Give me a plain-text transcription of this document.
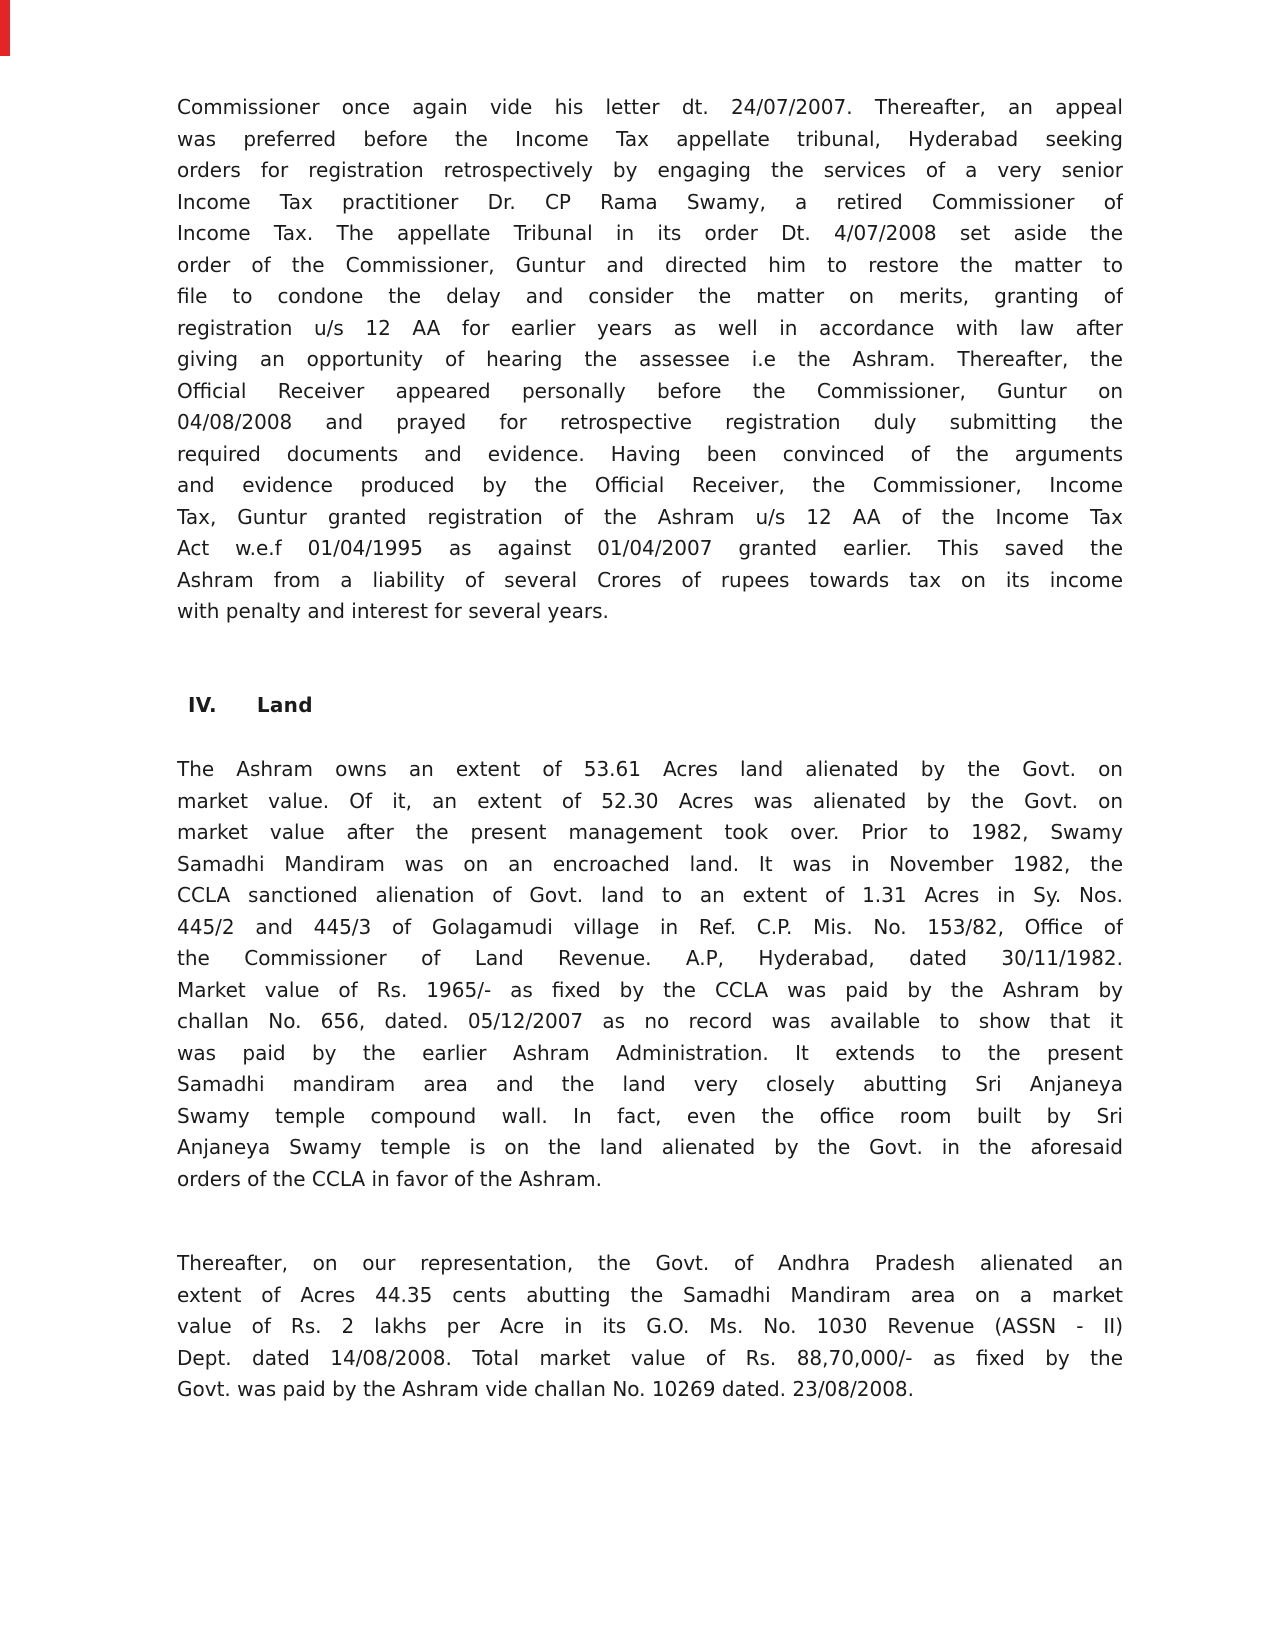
Commissioner once again vide his letter dt. 24/07/2007. Thereafter, an appeal
was preferred before the Income Tax appellate tribunal, Hyderabad seeking
orders for registration retrospectively by engaging the services of a very senior
Income Tax practitioner Dr. CP Rama Swamy, a retired Commissioner of
Income Tax. The appellate Tribunal in its order Dt. 4/07/2008 set aside the
order of the Commissioner, Guntur and directed him to restore the matter to
file to condone the delay and consider the matter on merits, granting of
registration u/s 12 AA for earlier years as well in accordance with law after
giving an opportunity of hearing the assessee i.e the Ashram. Thereafter, the
Official Receiver appeared personally before the Commissioner, Guntur on
04/08/2008 and prayed for retrospective registration duly submitting the
required documents and evidence. Having been convinced of the arguments
and evidence produced by the Official Receiver, the Commissioner, Income
Tax, Guntur granted registration of the Ashram u/s 12 AA of the Income Tax
Act w.e.f 01/04/1995 as against 01/04/2007 granted earlier. This saved the
Ashram from a liability of several Crores of rupees towards tax on its income
with penalty and interest for several years.
IV. Land
The Ashram owns an extent of 53.61 Acres land alienated by the Govt. on
market value. Of it, an extent of 52.30 Acres was alienated by the Govt. on
market value after the present management took over. Prior to 1982, Swamy
Samadhi Mandiram was on an encroached land. It was in November 1982, the
CCLA sanctioned alienation of Govt. land to an extent of 1.31 Acres in Sy. Nos.
445/2 and 445/3 of Golagamudi village in Ref. C.P. Mis. No. 153/82, Office of
the Commissioner of Land Revenue. A.P, Hyderabad, dated 30/11/1982.
Market value of Rs. 1965/- as fixed by the CCLA was paid by the Ashram by
challan No. 656, dated. 05/12/2007 as no record was available to show that it
was paid by the earlier Ashram Administration. It extends to the present
Samadhi mandiram area and the land very closely abutting Sri Anjaneya
Swamy temple compound wall. In fact, even the office room built by Sri
Anjaneya Swamy temple is on the land alienated by the Govt. in the aforesaid
orders of the CCLA in favor of the Ashram.
Thereafter, on our representation, the Govt. of Andhra Pradesh alienated an
extent of Acres 44.35 cents abutting the Samadhi Mandiram area on a market
value of Rs. 2 lakhs per Acre in its G.O. Ms. No. 1030 Revenue (ASSN - II)
Dept. dated 14/08/2008. Total market value of Rs. 88,70,000/- as fixed by the
Govt. was paid by the Ashram vide challan No. 10269 dated. 23/08/2008.
